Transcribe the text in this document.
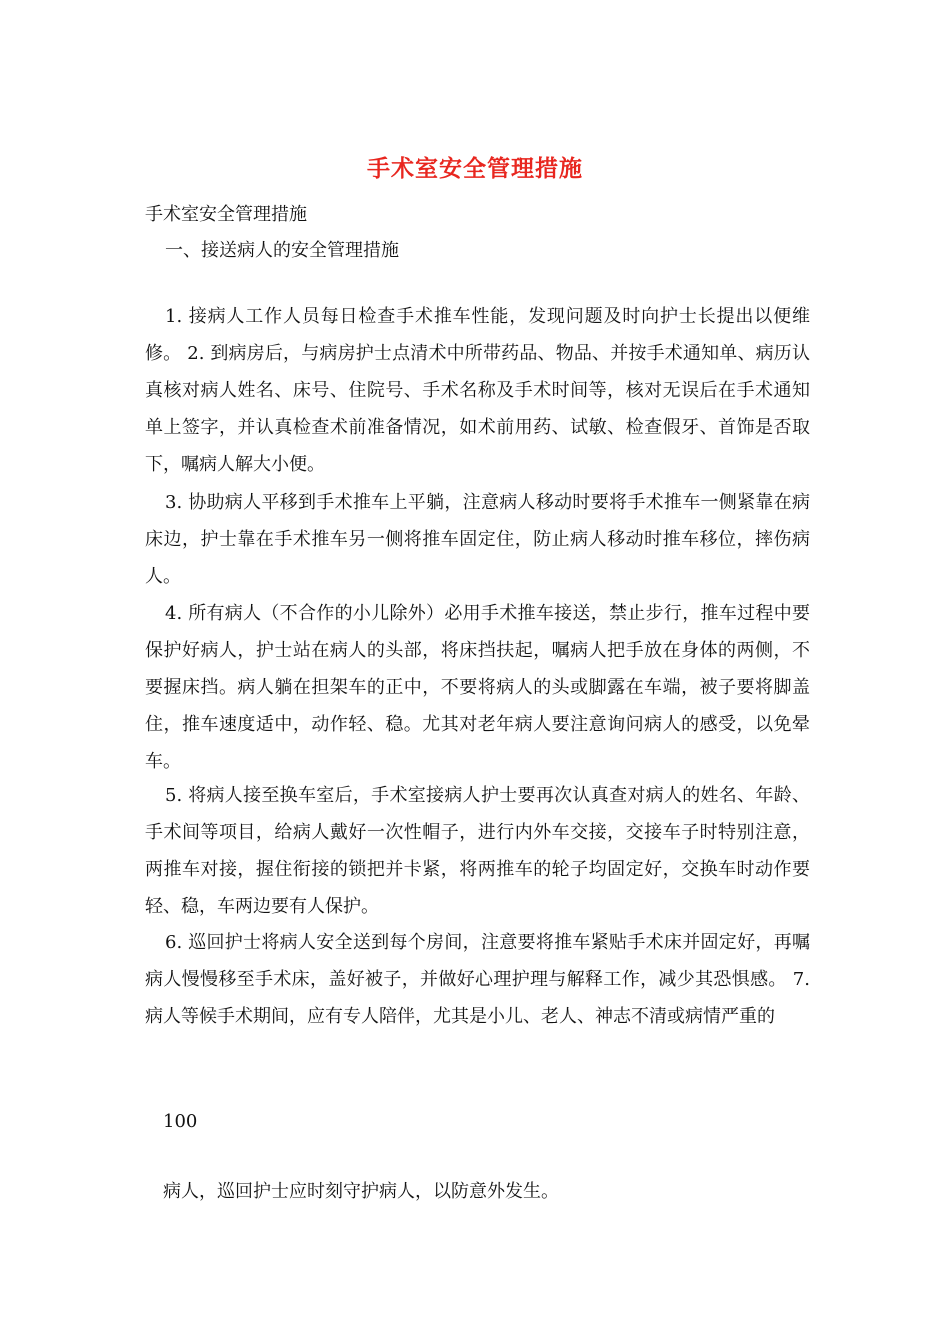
手术室安全管理措施

手术室安全管理措施

一、接送病人的安全管理措施

1. 接病人工作人员每日检查手术推车性能，发现问题及时向护士长提出以便维修。 2. 到病房后，与病房护士点清术中所带药品、物品、并按手术通知单、病历认真核对病人姓名、床号、住院号、手术名称及手术时间等，核对无误后在手术通知单上签字，并认真检查术前准备情况，如术前用药、试敏、检查假牙、首饰是否取下，嘱病人解大小便。

3. 协助病人平移到手术推车上平躺，注意病人移动时要将手术推车一侧紧靠在病床边，护士靠在手术推车另一侧将推车固定住，防止病人移动时推车移位，摔伤病人。

4. 所有病人（不合作的小儿除外）必用手术推车接送，禁止步行，推车过程中要保护好病人，护士站在病人的头部，将床挡扶起，嘱病人把手放在身体的两侧，不要握床挡。病人躺在担架车的正中，不要将病人的头或脚露在车端，被子要将脚盖住，推车速度适中，动作轻、稳。尤其对老年病人要注意询问病人的感受，以免晕车。

5. 将病人接至换车室后，手术室接病人护士要再次认真查对病人的姓名、年龄、手术间等项目，给病人戴好一次性帽子，进行内外车交接，交接车子时特别注意，两推车对接，握住衔接的锁把并卡紧，将两推车的轮子均固定好，交换车时动作要轻、稳，车两边要有人保护。

6. 巡回护士将病人安全送到每个房间，注意要将推车紧贴手术床并固定好，再嘱病人慢慢移至手术床，盖好被子，并做好心理护理与解释工作，减少其恐惧感。 7. 病人等候手术期间，应有专人陪伴，尤其是小儿、老人、神志不清或病情严重的

100

病人，巡回护士应时刻守护病人，以防意外发生。
